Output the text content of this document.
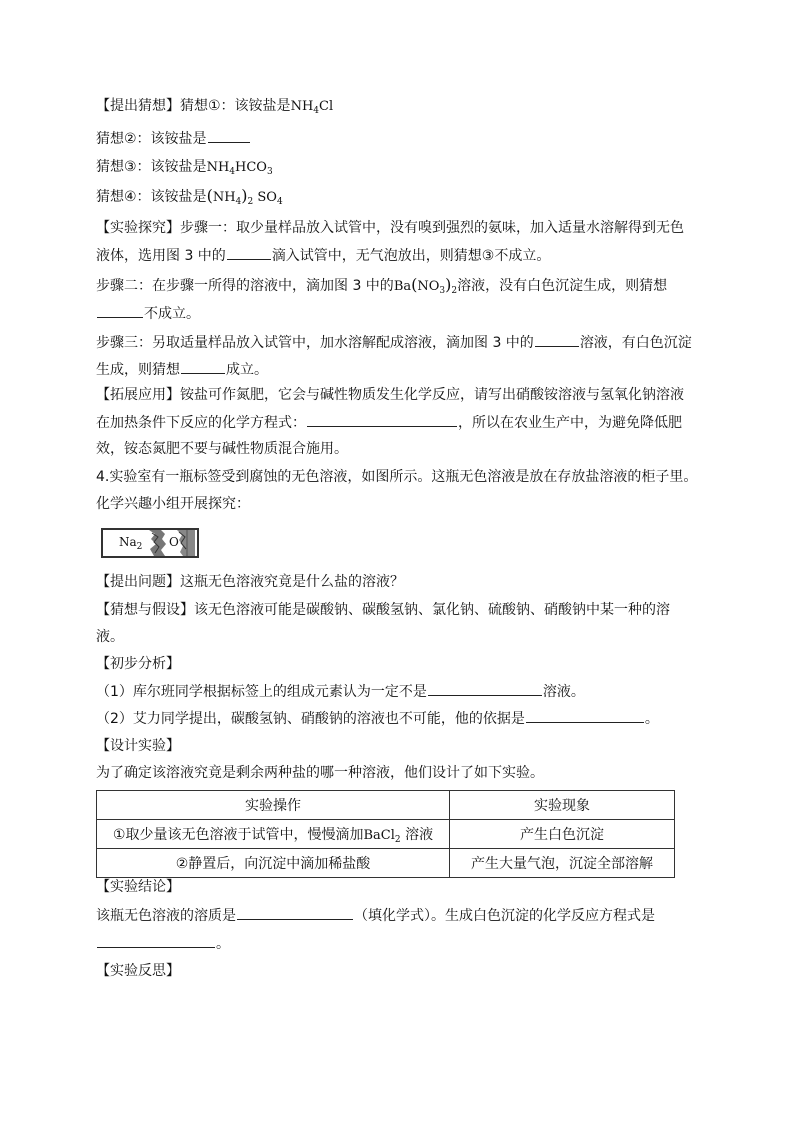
【提出猜想】猜想①：该铵盐是$NH_4Cl$
猜想②：该铵盐是
猜想③：该铵盐是$NH_4HCO_3$
猜想④：该铵盐是$(NH_4)_2$ $SO_4$
【实验探究】步骤一：取少量样品放入试管中，没有嗅到强烈的氨味，加入适量水溶解得到无色
液体，选用图 3 中的	滴入试管中，无气泡放出，则猜想③不成立。
步骤二：在步骤一所得的溶液中，滴加图 3 中的$Ba(NO_3)_2$溶液，没有白色沉淀生成，则猜想
不成立。
步骤三：另取适量样品放入试管中，加水溶解配成溶液，滴加图 3 中的	溶液，有白色沉淀
生成，则猜想	成立。
【拓展应用】铵盐可作氮肥，它会与碱性物质发生化学反应，请写出硝酸铵溶液与氢氧化钠溶液
在加热条件下反应的化学方程式：	，所以在农业生产中，为避免降低肥
效，铵态氮肥不要与碱性物质混合施用。
4.实验室有一瓶标签受到腐蚀的无色溶液，如图所示。这瓶无色溶液是放在存放盐溶液的柜子里。
化学兴趣小组开展探究：
$Na_2$ O
【提出问题】这瓶无色溶液究竟是什么盐的溶液？
【猜想与假设】该无色溶液可能是碳酸钠、碳酸氢钠、氯化钠、硫酸钠、硝酸钠中某一种的溶
液。
【初步分析】
（1）库尔班同学根据标签上的组成元素认为一定不是	溶液。
（2）艾力同学提出，碳酸氢钠、硝酸钠的溶液也不可能，他的依据是	。
【设计实验】
为了确定该溶液究竟是剩余两种盐的哪一种溶液，他们设计了如下实验。
实验操作	实验现象
①取少量该无色溶液于试管中，慢慢滴加BaCl$_2$ 溶液	产生白色沉淀
②静置后，向沉淀中滴加稀盐酸	产生大量气泡，沉淀全部溶解
【实验结论】
该瓶无色溶液的溶质是	（填化学式）。生成白色沉淀的化学反应方程式是
。
【实验反思】
